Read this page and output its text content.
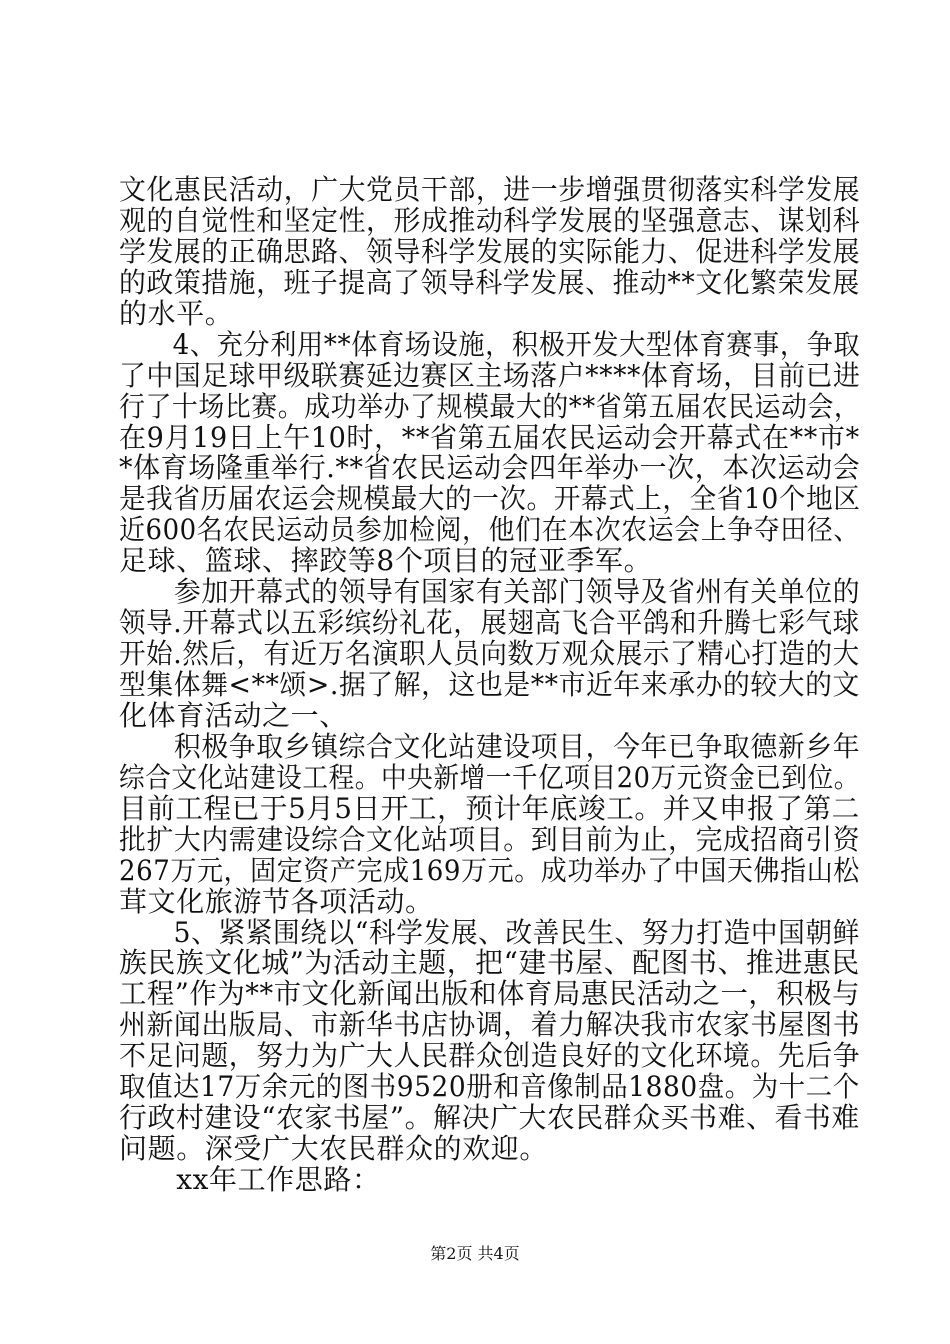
文化惠民活动，广大党员干部，进一步增强贯彻落实科学发展
观的自觉性和坚定性，形成推动科学发展的坚强意志、谋划科
学发展的正确思路、领导科学发展的实际能力、促进科学发展
的政策措施，班子提高了领导科学发展、推动**文化繁荣发展
的水平。
　　4、充分利用**体育场设施，积极开发大型体育赛事，争取
了中国足球甲级联赛延边赛区主场落户****体育场，目前已进
行了十场比赛。成功举办了规模最大的**省第五届农民运动会，
在9月19日上午10时，**省第五届农民运动会开幕式在**市*
*体育场隆重举行.**省农民运动会四年举办一次，本次运动会
是我省历届农运会规模最大的一次。开幕式上，全省10个地区
近600名农民运动员参加检阅，他们在本次农运会上争夺田径、
足球、篮球、摔跤等8个项目的冠亚季军。
　　参加开幕式的领导有国家有关部门领导及省州有关单位的
领导.开幕式以五彩缤纷礼花，展翅高飞合平鸽和升腾七彩气球
开始.然后，有近万名演职人员向数万观众展示了精心打造的大
型集体舞<**颂>.据了解，这也是**市近年来承办的较大的文
化体育活动之一、
　　积极争取乡镇综合文化站建设项目，今年已争取德新乡年
综合文化站建设工程。中央新增一千亿项目20万元资金已到位。
目前工程已于5月5日开工，预计年底竣工。并又申报了第二
批扩大内需建设综合文化站项目。到目前为止，完成招商引资
267万元，固定资产完成169万元。成功举办了中国天佛指山松
茸文化旅游节各项活动。
　　5、紧紧围绕以“科学发展、改善民生、努力打造中国朝鲜
族民族文化城”为活动主题，把“建书屋、配图书、推进惠民
工程”作为**市文化新闻出版和体育局惠民活动之一，积极与
州新闻出版局、市新华书店协调，着力解决我市农家书屋图书
不足问题，努力为广大人民群众创造良好的文化环境。先后争
取值达17万余元的图书9520册和音像制品1880盘。为十二个
行政村建设“农家书屋”。解决广大农民群众买书难、看书难
问题。深受广大农民群众的欢迎。
　　xx年工作思路：
第2页 共4页
